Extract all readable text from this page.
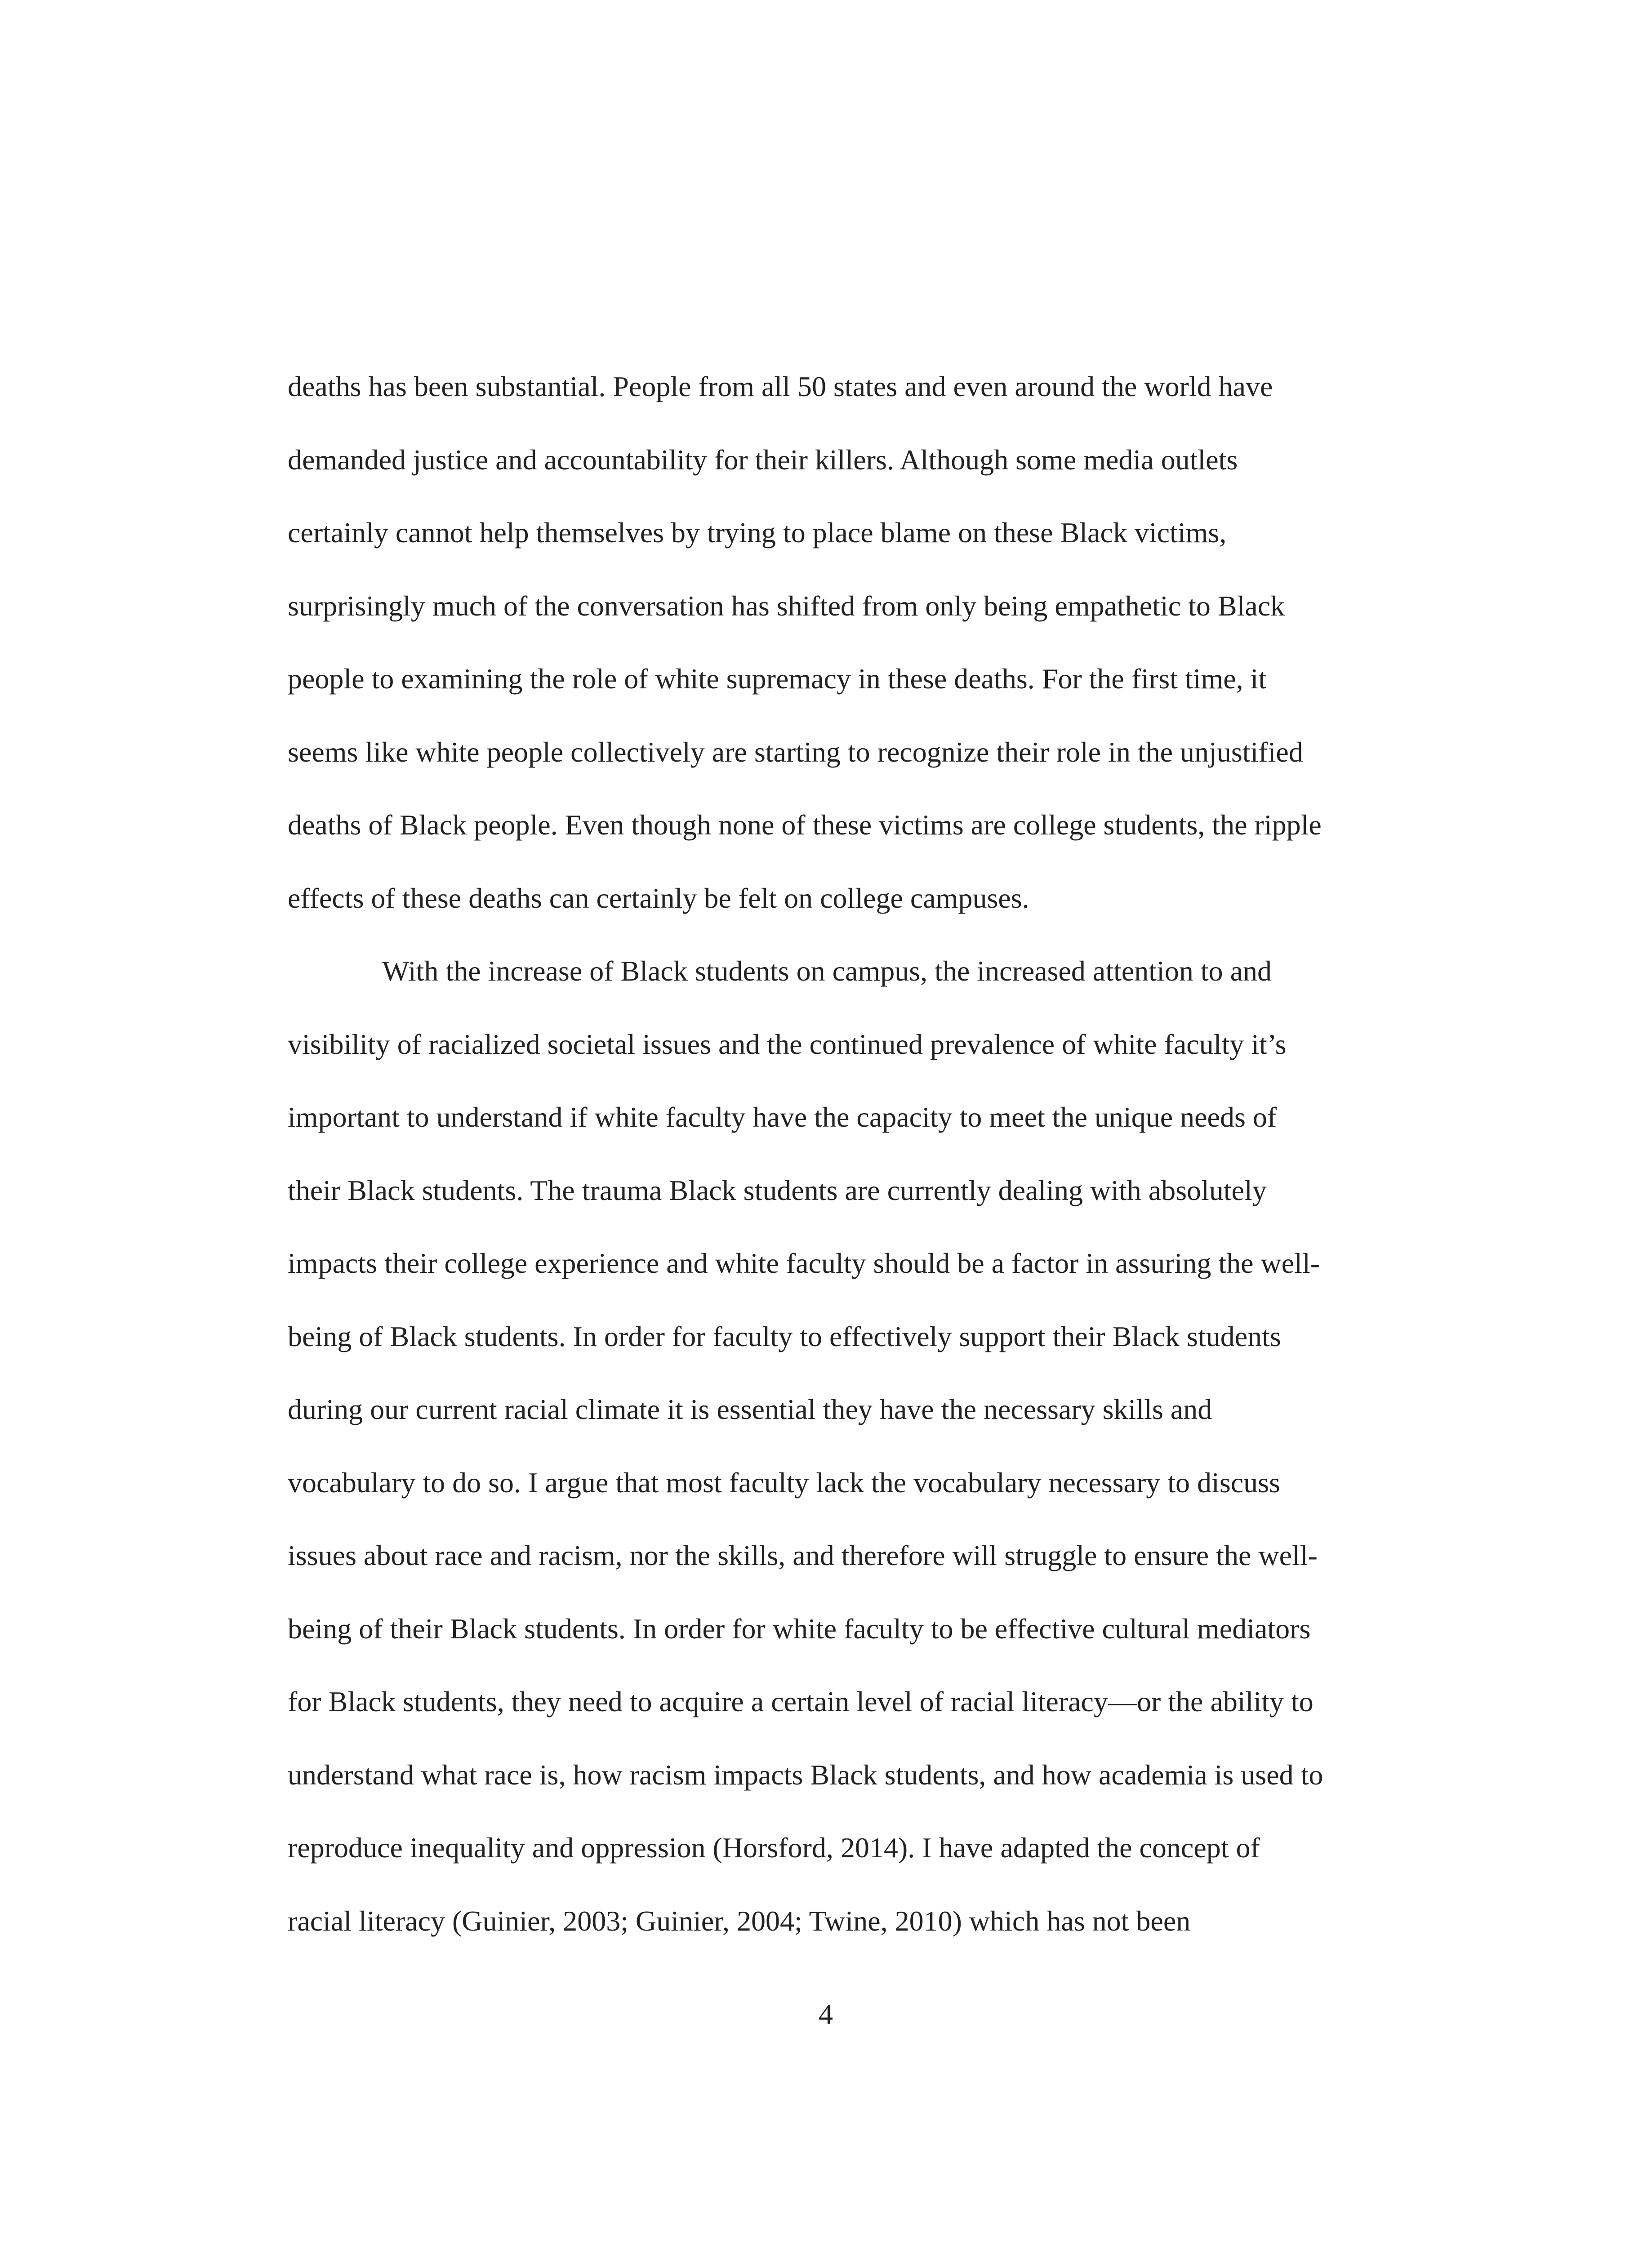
deaths has been substantial. People from all 50 states and even around the world have
demanded justice and accountability for their killers. Although some media outlets
certainly cannot help themselves by trying to place blame on these Black victims,
surprisingly much of the conversation has shifted from only being empathetic to Black
people to examining the role of white supremacy in these deaths. For the first time, it
seems like white people collectively are starting to recognize their role in the unjustified
deaths of Black people. Even though none of these victims are college students, the ripple
effects of these deaths can certainly be felt on college campuses.
With the increase of Black students on campus, the increased attention to and
visibility of racialized societal issues and the continued prevalence of white faculty it’s
important to understand if white faculty have the capacity to meet the unique needs of
their Black students. The trauma Black students are currently dealing with absolutely
impacts their college experience and white faculty should be a factor in assuring the well-
being of Black students. In order for faculty to effectively support their Black students
during our current racial climate it is essential they have the necessary skills and
vocabulary to do so. I argue that most faculty lack the vocabulary necessary to discuss
issues about race and racism, nor the skills, and therefore will struggle to ensure the well-
being of their Black students. In order for white faculty to be effective cultural mediators
for Black students, they need to acquire a certain level of racial literacy—or the ability to
understand what race is, how racism impacts Black students, and how academia is used to
reproduce inequality and oppression (Horsford, 2014). I have adapted the concept of
racial literacy (Guinier, 2003; Guinier, 2004; Twine, 2010) which has not been
4
